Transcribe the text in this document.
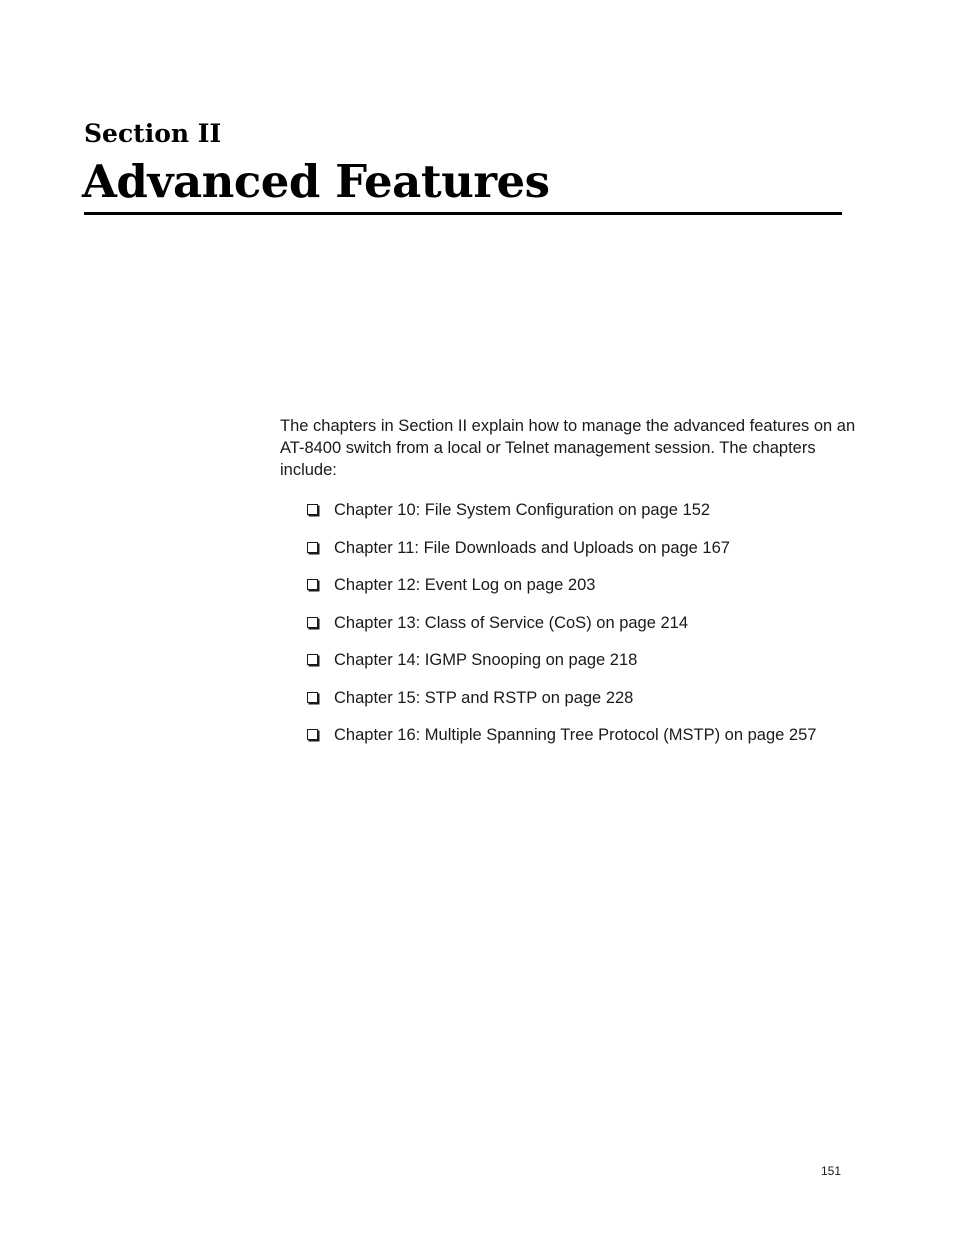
Section II
Advanced Features

The chapters in Section II explain how to manage the advanced features on an AT-8400 switch from a local or Telnet management session. The chapters include:

Chapter 10: File System Configuration on page 152
Chapter 11: File Downloads and Uploads on page 167
Chapter 12: Event Log on page 203
Chapter 13: Class of Service (CoS) on page 214
Chapter 14: IGMP Snooping on page 218
Chapter 15: STP and RSTP on page 228
Chapter 16: Multiple Spanning Tree Protocol (MSTP) on page 257
151
